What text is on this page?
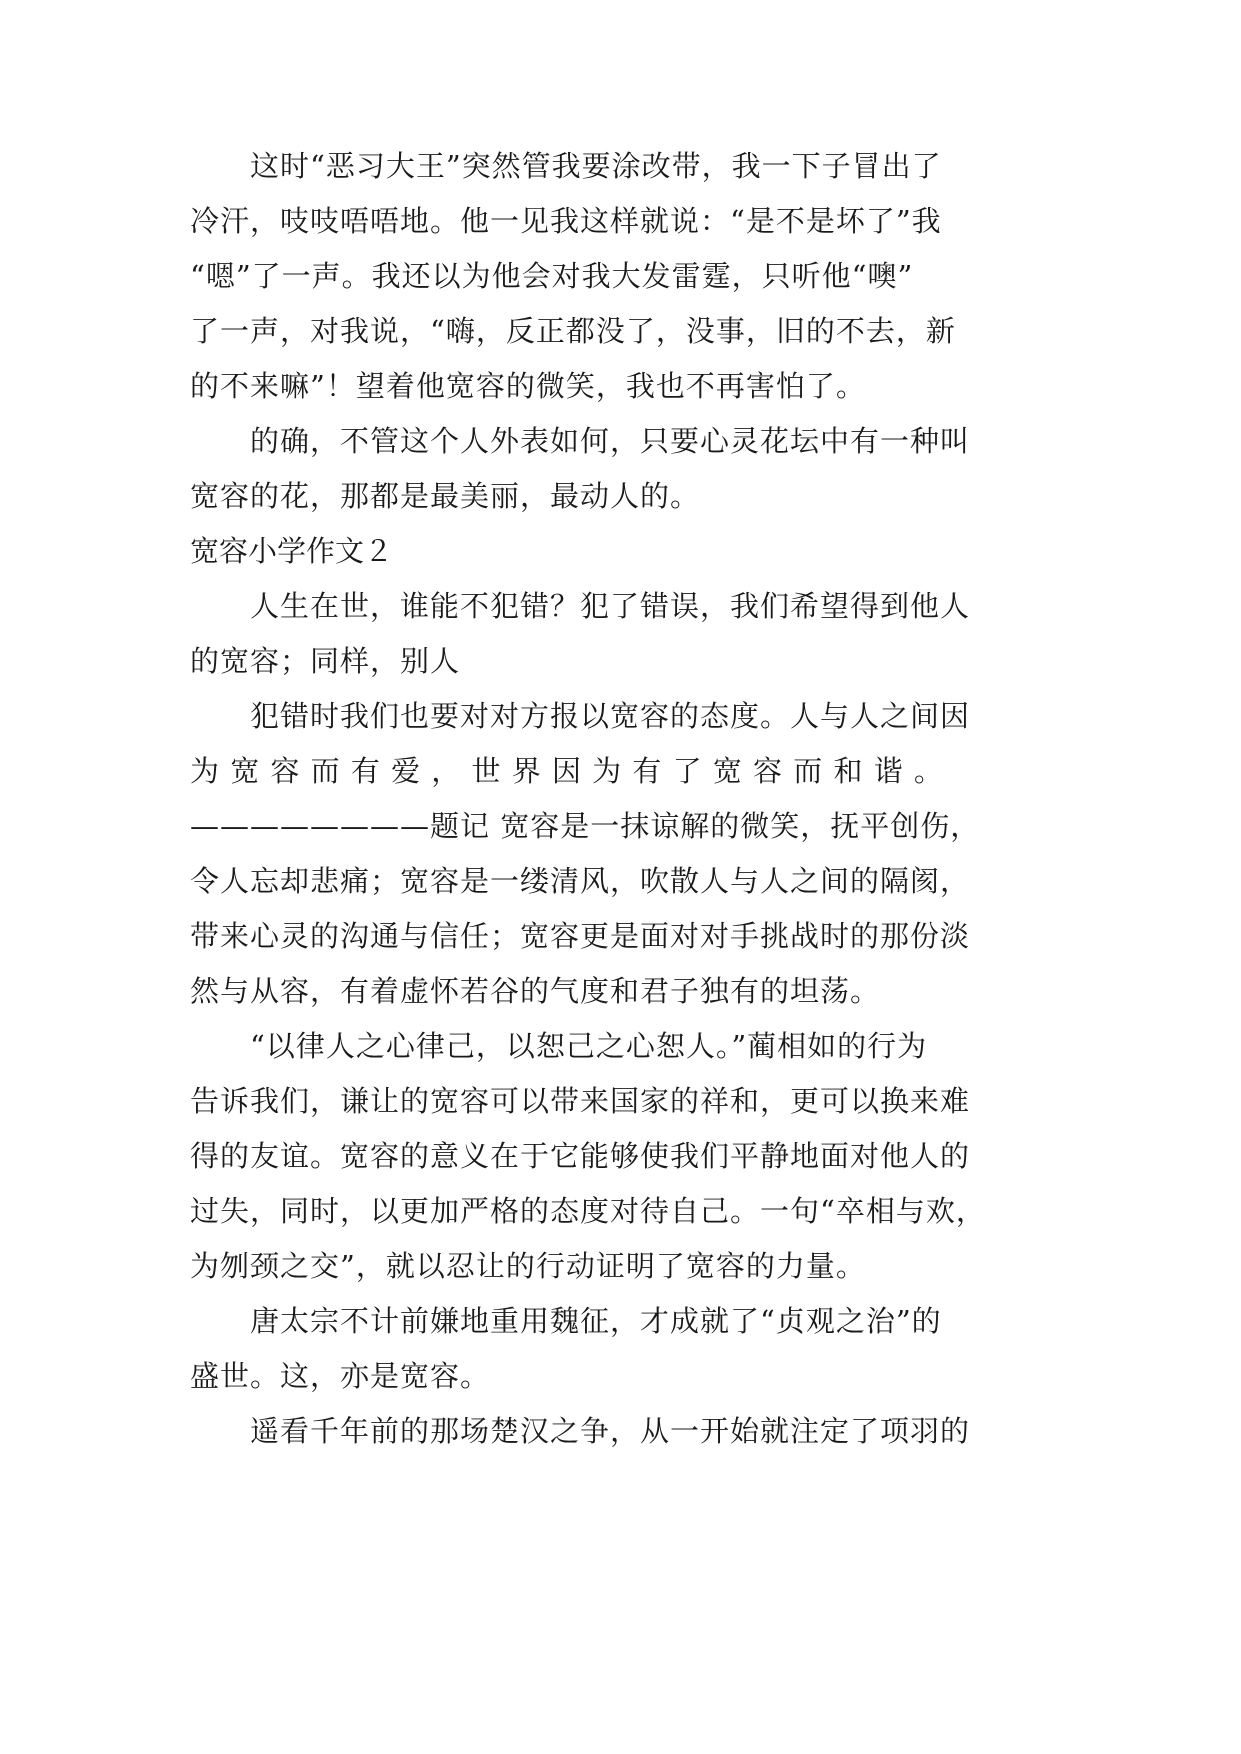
这时“恶习大王”突然管我要涂改带，我一下子冒出了
冷汗，吱吱唔唔地。他一见我这样就说：“是不是坏了”我
“嗯”了一声。我还以为他会对我大发雷霆，只听他“噢”
了一声，对我说，“嗨，反正都没了，没事，旧的不去，新
的不来嘛”！望着他宽容的微笑，我也不再害怕了。
的确，不管这个人外表如何，只要心灵花坛中有一种叫
宽容的花，那都是最美丽，最动人的。
宽容小学作文２
人生在世，谁能不犯错？犯了错误，我们希望得到他人
的宽容；同样，别人
犯错时我们也要对对方报以宽容的态度。人与人之间因
为 宽 容 而 有 爱 ， 世 界 因 为 有 了 宽 容 而 和 谐 。
————————题记 宽容是一抹谅解的微笑，抚平创伤，
令人忘却悲痛；宽容是一缕清风，吹散人与人之间的隔阂，
带来心灵的沟通与信任；宽容更是面对对手挑战时的那份淡
然与从容，有着虚怀若谷的气度和君子独有的坦荡。
“以律人之心律己，以恕己之心恕人。”蔺相如的行为
告诉我们，谦让的宽容可以带来国家的祥和，更可以换来难
得的友谊。宽容的意义在于它能够使我们平静地面对他人的
过失，同时，以更加严格的态度对待自己。一句“卒相与欢，
为刎颈之交”，就以忍让的行动证明了宽容的力量。
唐太宗不计前嫌地重用魏征，才成就了“贞观之治”的
盛世。这，亦是宽容。
遥看千年前的那场楚汉之争，从一开始就注定了项羽的
